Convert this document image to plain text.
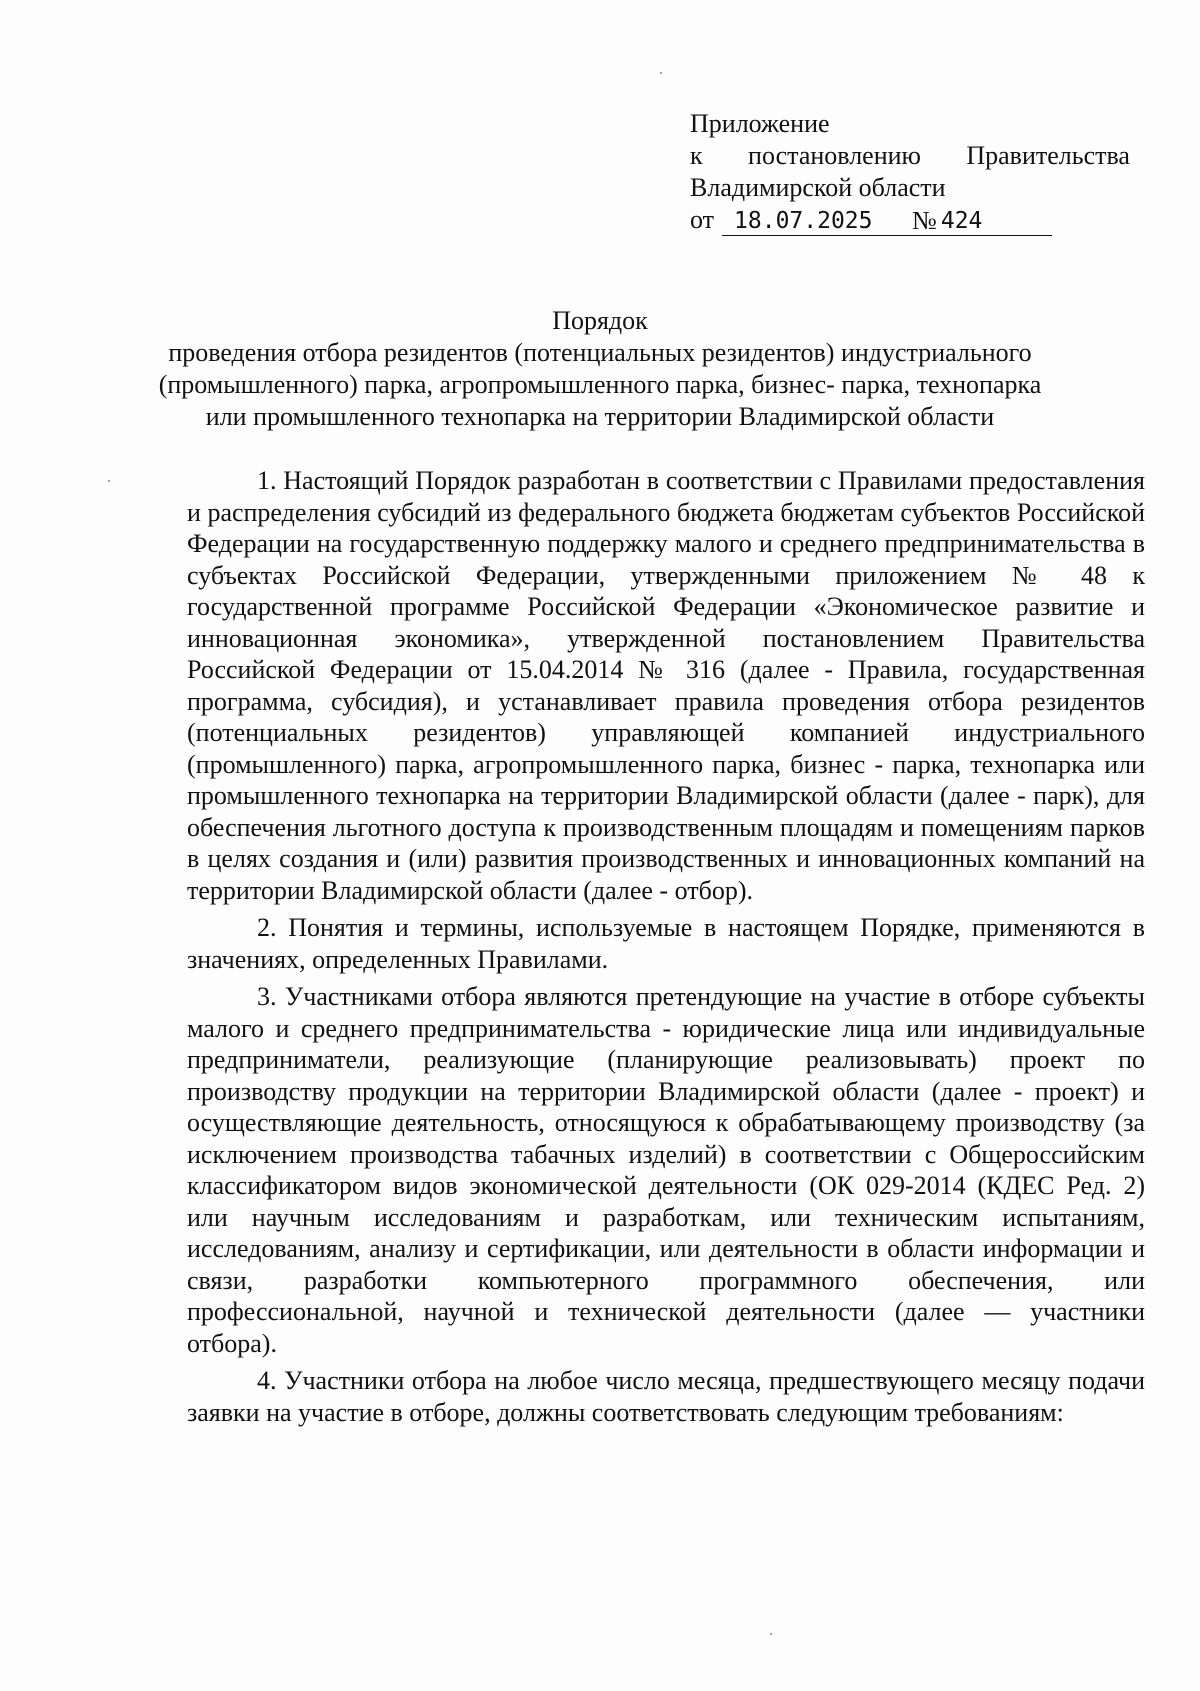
Приложение
к постановлению Правительства
Владимирской области
от 18.07.2025	№ 424
Порядок
проведения отбора резидентов (потенциальных резидентов) индустриального
(промышленного) парка, агропромышленного парка, бизнес- парка, технопарка
или промышленного технопарка на территории Владимирской области

1. Настоящий Порядок разработан в соответствии с Правилами предоставления и распределения субсидий из федерального бюджета бюджетам субъектов Российской Федерации на государственную поддержку малого и среднего предпринимательства в субъектах Российской Федерации, утвержденными приложением № 48 к государственной программе Российской Федерации «Экономическое развитие и инновационная экономика», утвержденной постановлением Правительства Российской Федерации от 15.04.2014 № 316 (далее - Правила, государственная программа, субсидия), и устанавливает правила проведения отбора резидентов (потенциальных резидентов) управляющей компанией индустриального (промышленного) парка, агропромышленного парка, бизнес - парка, технопарка или промышленного технопарка на территории Владимирской области (далее - парк), для обеспечения льготного доступа к производственным площадям и помещениям парков в целях создания и (или) развития производственных и инновационных компаний на территории Владимирской области (далее - отбор).

2. Понятия и термины, используемые в настоящем Порядке, применяются в значениях, определенных Правилами.

3. Участниками отбора являются претендующие на участие в отборе субъекты малого и среднего предпринимательства - юридические лица или индивидуальные предприниматели, реализующие (планирующие реализовывать) проект по производству продукции на территории Владимирской области (далее - проект) и осуществляющие деятельность, относящуюся к обрабатывающему производству (за исключением производства табачных изделий) в соответствии с Общероссийским классификатором видов экономической деятельности (ОК 029-2014 (КДЕС Ред. 2) или научным исследованиям и разработкам, или техническим испытаниям, исследованиям, анализу и сертификации, или деятельности в области информации и связи, разработки компьютерного программного обеспечения, или профессиональной, научной и технической деятельности (далее — участники отбора).

4. Участники отбора на любое число месяца, предшествующего месяцу подачи заявки на участие в отборе, должны соответствовать следующим требованиям:
